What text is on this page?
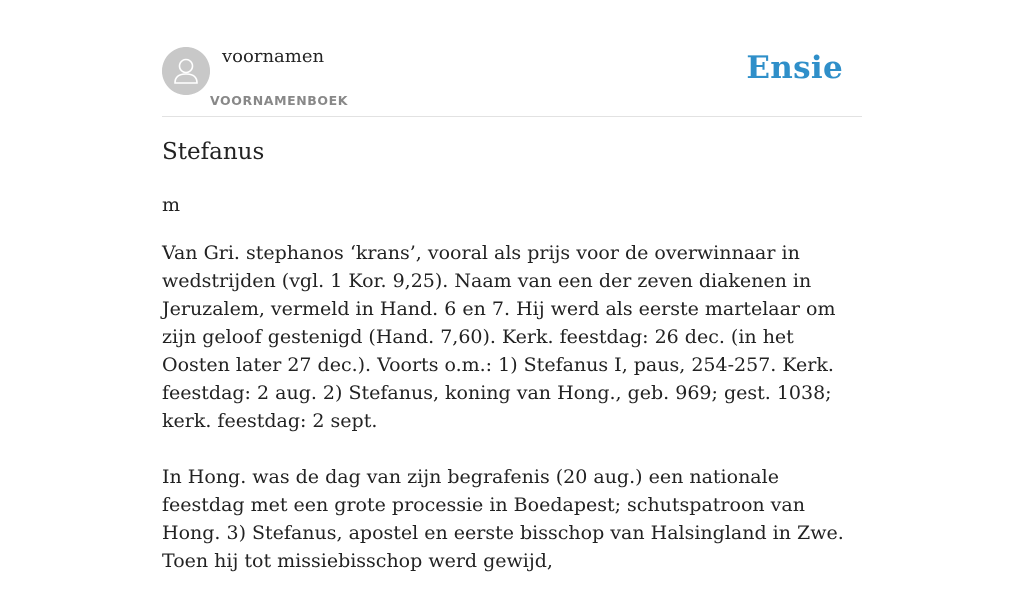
voornamen
VOORNAMENBOEK
Ensie
Stefanus
m

Van Gri. stephanos ‘krans’, vooral als prijs voor de overwinnaar in wedstrijden (vgl. 1 Kor. 9,25). Naam van een der zeven diakenen in Jeruzalem, vermeld in Hand. 6 en 7. Hij werd als eerste martelaar om zijn geloof gestenigd (Hand. 7,60). Kerk. feestdag: 26 dec. (in het Oosten later 27 dec.). Voorts o.m.: 1) Stefanus I, paus, 254-257. Kerk. feestdag: 2 aug. 2) Stefanus, koning van Hong., geb. 969; gest. 1038; kerk. feestdag: 2 sept.

In Hong. was de dag van zijn begrafenis (20 aug.) een nationale feestdag met een grote processie in Boedapest; schutspatroon van Hong. 3) Stefanus, apostel en eerste bisschop van Halsingland in Zwe. Toen hij tot missiebisschop werd gewijd,
